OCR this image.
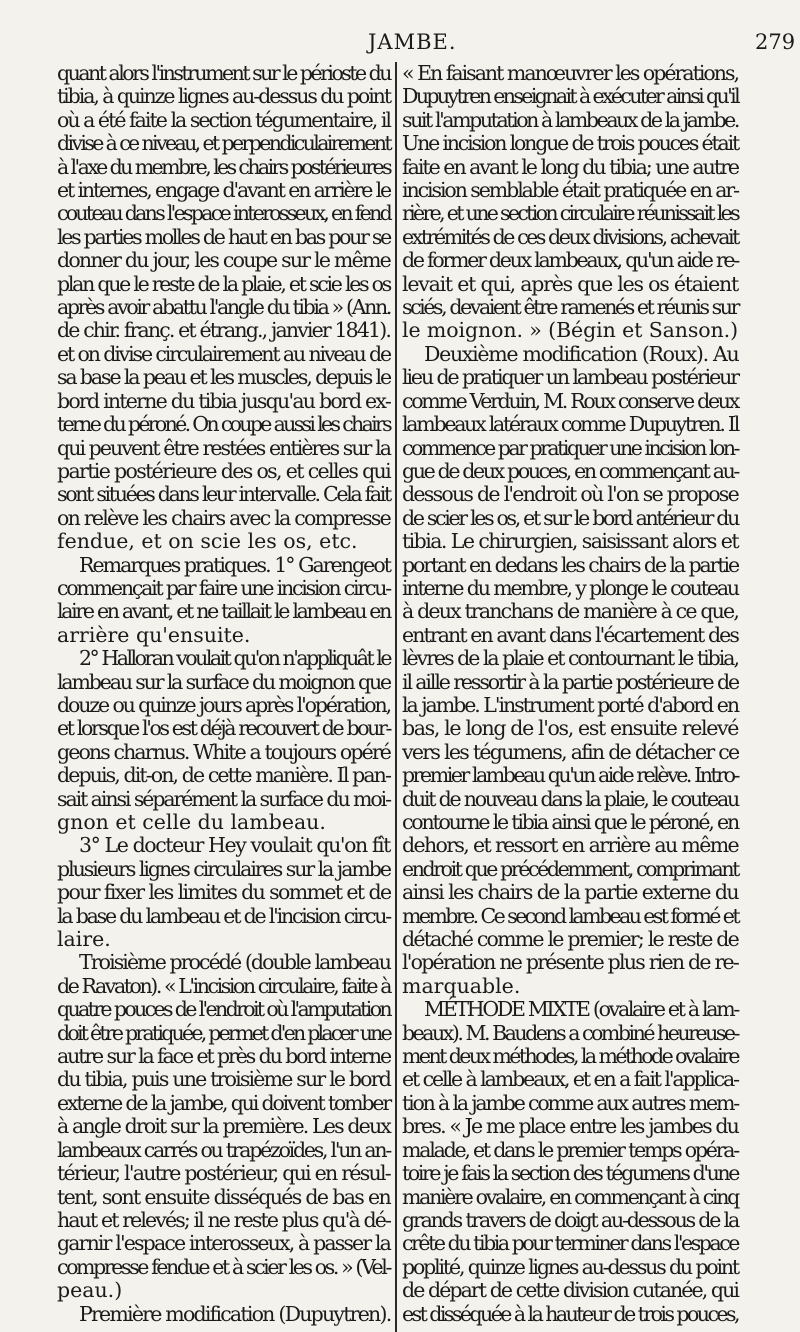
JAMBE.	279
quant alors l'instrument sur le périoste du
tibia, à quinze lignes au-dessus du point
où a été faite la section tégumentaire, il
divise à ce niveau, et perpendiculairement
à l'axe du membre, les chairs postérieures
et internes, engage d'avant en arrière le
couteau dans l'espace interosseux, en fend
les parties molles de haut en bas pour se
donner du jour, les coupe sur le même
plan que le reste de la plaie, et scie les os
après avoir abattu l'angle du tibia » (Ann.
de chir. franç. et étrang., janvier 1841).
et on divise circulairement au niveau de
sa base la peau et les muscles, depuis le
bord interne du tibia jusqu'au bord ex-
terne du péroné. On coupe aussi les chairs
qui peuvent être restées entières sur la
partie postérieure des os, et celles qui
sont situées dans leur intervalle. Cela fait
on relève les chairs avec la compresse
fendue, et on scie les os, etc.
Remarques pratiques. 1° Garengeot
commençait par faire une incision circu-
laire en avant, et ne taillait le lambeau en
arrière qu'ensuite.
2° Halloran voulait qu'on n'appliquât le
lambeau sur la surface du moignon que
douze ou quinze jours après l'opération,
et lorsque l'os est déjà recouvert de bour-
geons charnus. White a toujours opéré
depuis, dit-on, de cette manière. Il pan-
sait ainsi séparément la surface du moi-
gnon et celle du lambeau.
3° Le docteur Hey voulait qu'on fît
plusieurs lignes circulaires sur la jambe
pour fixer les limites du sommet et de
la base du lambeau et de l'incision circu-
laire.
Troisième procédé (double lambeau
de Ravaton). « L'incision circulaire, faite à
quatre pouces de l'endroit où l'amputation
doit être pratiquée, permet d'en placer une
autre sur la face et près du bord interne
du tibia, puis une troisième sur le bord
externe de la jambe, qui doivent tomber
à angle droit sur la première. Les deux
lambeaux carrés ou trapézoïdes, l'un an-
térieur, l'autre postérieur, qui en résul-
tent, sont ensuite disséqués de bas en
haut et relevés; il ne reste plus qu'à dé-
garnir l'espace interosseux, à passer la
compresse fendue et à scier les os. » (Vel-
peau.)
Première modification (Dupuytren).
« En faisant manœuvrer les opérations,
Dupuytren enseignait à exécuter ainsi qu'il
suit l'amputation à lambeaux de la jambe.
Une incision longue de trois pouces était
faite en avant le long du tibia; une autre
incision semblable était pratiquée en ar-
rière, et une section circulaire réunissait les
extrémités de ces deux divisions, achevait
de former deux lambeaux, qu'un aide re-
levait et qui, après que les os étaient
sciés, devaient être ramenés et réunis sur
le moignon. » (Bégin et Sanson.)
Deuxième modification (Roux). Au
lieu de pratiquer un lambeau postérieur
comme Verduin, M. Roux conserve deux
lambeaux latéraux comme Dupuytren. Il
commence par pratiquer une incision lon-
gue de deux pouces, en commençant au-
dessous de l'endroit où l'on se propose
de scier les os, et sur le bord antérieur du
tibia. Le chirurgien, saisissant alors et
portant en dedans les chairs de la partie
interne du membre, y plonge le couteau
à deux tranchans de manière à ce que,
entrant en avant dans l'écartement des
lèvres de la plaie et contournant le tibia,
il aille ressortir à la partie postérieure de
la jambe. L'instrument porté d'abord en
bas, le long de l'os, est ensuite relevé
vers les tégumens, afin de détacher ce
premier lambeau qu'un aide relève. Intro-
duit de nouveau dans la plaie, le couteau
contourne le tibia ainsi que le péroné, en
dehors, et ressort en arrière au même
endroit que précédemment, comprimant
ainsi les chairs de la partie externe du
membre. Ce second lambeau est formé et
détaché comme le premier; le reste de
l'opération ne présente plus rien de re-
marquable.
MÉTHODE MIXTE (ovalaire et à lam-
beaux). M. Baudens a combiné heureuse-
ment deux méthodes, la méthode ovalaire
et celle à lambeaux, et en a fait l'applica-
tion à la jambe comme aux autres mem-
bres. « Je me place entre les jambes du
malade, et dans le premier temps opéra-
toire je fais la section des tégumens d'une
manière ovalaire, en commençant à cinq
grands travers de doigt au-dessous de la
crête du tibia pour terminer dans l'espace
poplité, quinze lignes au-dessus du point
de départ de cette division cutanée, qui
est disséquée à la hauteur de trois pouces,
